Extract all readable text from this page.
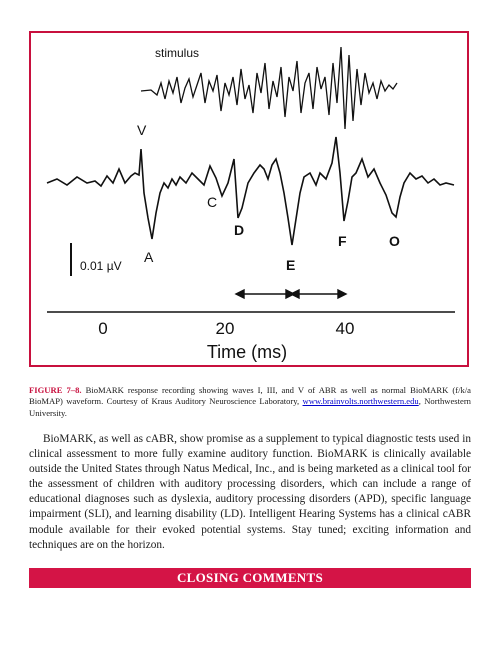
V
A
C
D
E
F	O
stimulus
0.01 µV
0	20	40
Time (ms)
FIGURE 7–8. BioMARK response recording showing waves I, III, and V of ABR as well as normal BioMARK (f/k/a BioMAP) waveform. Courtesy of Kraus Auditory Neuroscience Laboratory, www.brainvolts.northwestern.edu, Northwestern University.

BioMARK, as well as cABR, show promise as a supplement to typical diagnostic tests used in clinical assessment to more fully examine auditory function. BioMARK is clinically available outside the United States through Natus Medical, Inc., and is being marketed as a clinical tool for the assessment of children with auditory processing disorders, which can include a range of educational diagnoses such as dyslexia, auditory processing disorders (APD), specific language impairment (SLI), and learning disability (LD). Intelligent Hearing Systems has a clinical cABR module available for their evoked potential systems. Stay tuned; exciting information and techniques are on the horizon.

CLOSING COMMENTS
